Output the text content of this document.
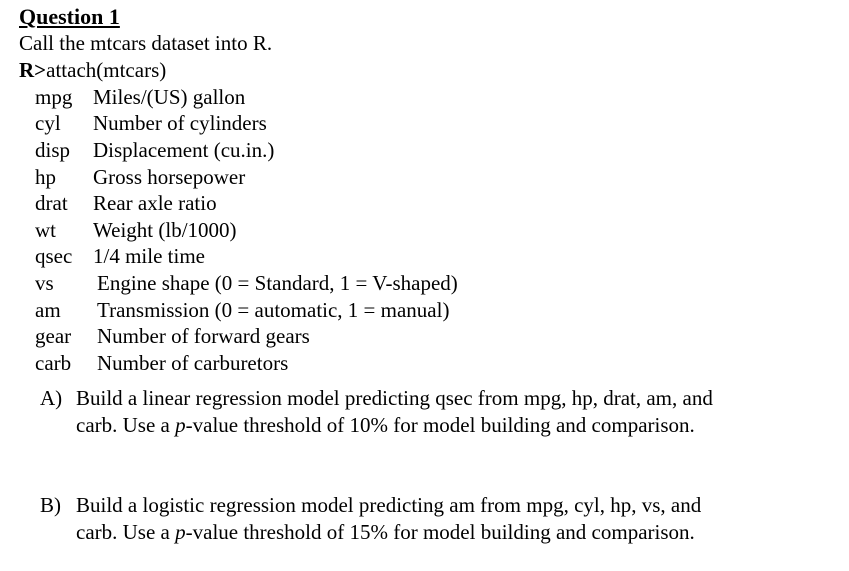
Question 1
Call the mtcars dataset into R.
R>attach(mtcars)
mpg Miles/(US) gallon
cyl Number of cylinders
disp Displacement (cu.in.)
hp Gross horsepower
drat Rear axle ratio
wt Weight (lb/1000)
qsec 1/4 mile time
vs Engine shape (0 = Standard, 1 = V-shaped)
am Transmission (0 = automatic, 1 = manual)
gear Number of forward gears
carb Number of carburetors
A) Build a linear regression model predicting qsec from mpg, hp, drat, am, and
carb. Use a p-value threshold of 10% for model building and comparison.
B) Build a logistic regression model predicting am from mpg, cyl, hp, vs, and
carb. Use a p-value threshold of 15% for model building and comparison.
